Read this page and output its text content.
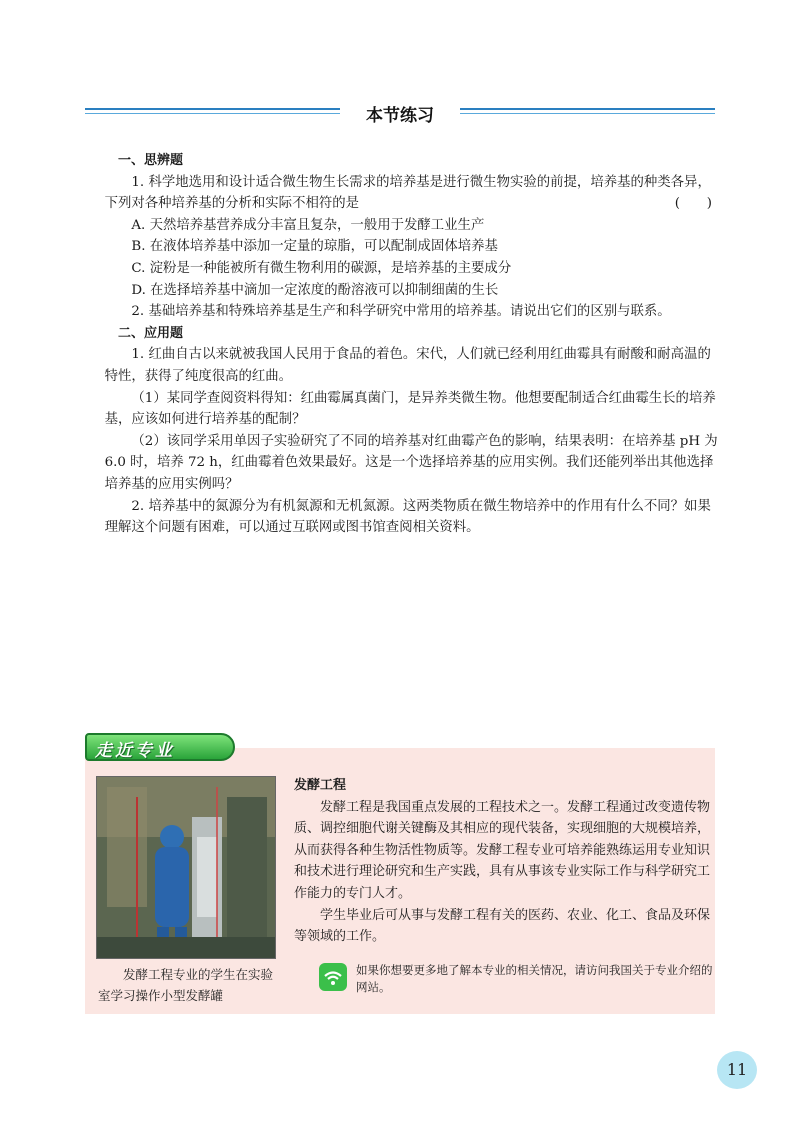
本节练习

一、思辨题

1. 科学地选用和设计适合微生物生长需求的培养基是进行微生物实验的前提，培养基的种类各异，下列对各种培养基的分析和实际不相符的是	(　　)

A. 天然培养基营养成分丰富且复杂，一般用于发酵工业生产

B. 在液体培养基中添加一定量的琼脂，可以配制成固体培养基

C. 淀粉是一种能被所有微生物利用的碳源，是培养基的主要成分

D. 在选择培养基中滴加一定浓度的酚溶液可以抑制细菌的生长

2. 基础培养基和特殊培养基是生产和科学研究中常用的培养基。请说出它们的区别与联系。

二、应用题

1. 红曲自古以来就被我国人民用于食品的着色。宋代，人们就已经利用红曲霉具有耐酸和耐高温的特性，获得了纯度很高的红曲。

（1）某同学查阅资料得知：红曲霉属真菌门，是异养类微生物。他想要配制适合红曲霉生长的培养基，应该如何进行培养基的配制？

（2）该同学采用单因子实验研究了不同的培养基对红曲霉产色的影响，结果表明：在培养基 pH 为 6.0 时，培养 72 h，红曲霉着色效果最好。这是一个选择培养基的应用实例。我们还能列举出其他选择培养基的应用实例吗？

2. 培养基中的氮源分为有机氮源和无机氮源。这两类物质在微生物培养中的作用有什么不同？如果理解这个问题有困难，可以通过互联网或图书馆查阅相关资料。

走近专业
发酵工程专业的学生在实验室学习操作小型发酵罐

发酵工程

发酵工程是我国重点发展的工程技术之一。发酵工程通过改变遗传物质、调控细胞代谢关键酶及其相应的现代装备，实现细胞的大规模培养，从而获得各种生物活性物质等。发酵工程专业可培养能熟练运用专业知识和技术进行理论研究和生产实践，具有从事该专业实际工作与科学研究工作能力的专门人才。

学生毕业后可从事与发酵工程有关的医药、农业、化工、食品及环保等领域的工作。

如果你想要更多地了解本专业的相关情况，请访问我国关于专业介绍的网站。
11
